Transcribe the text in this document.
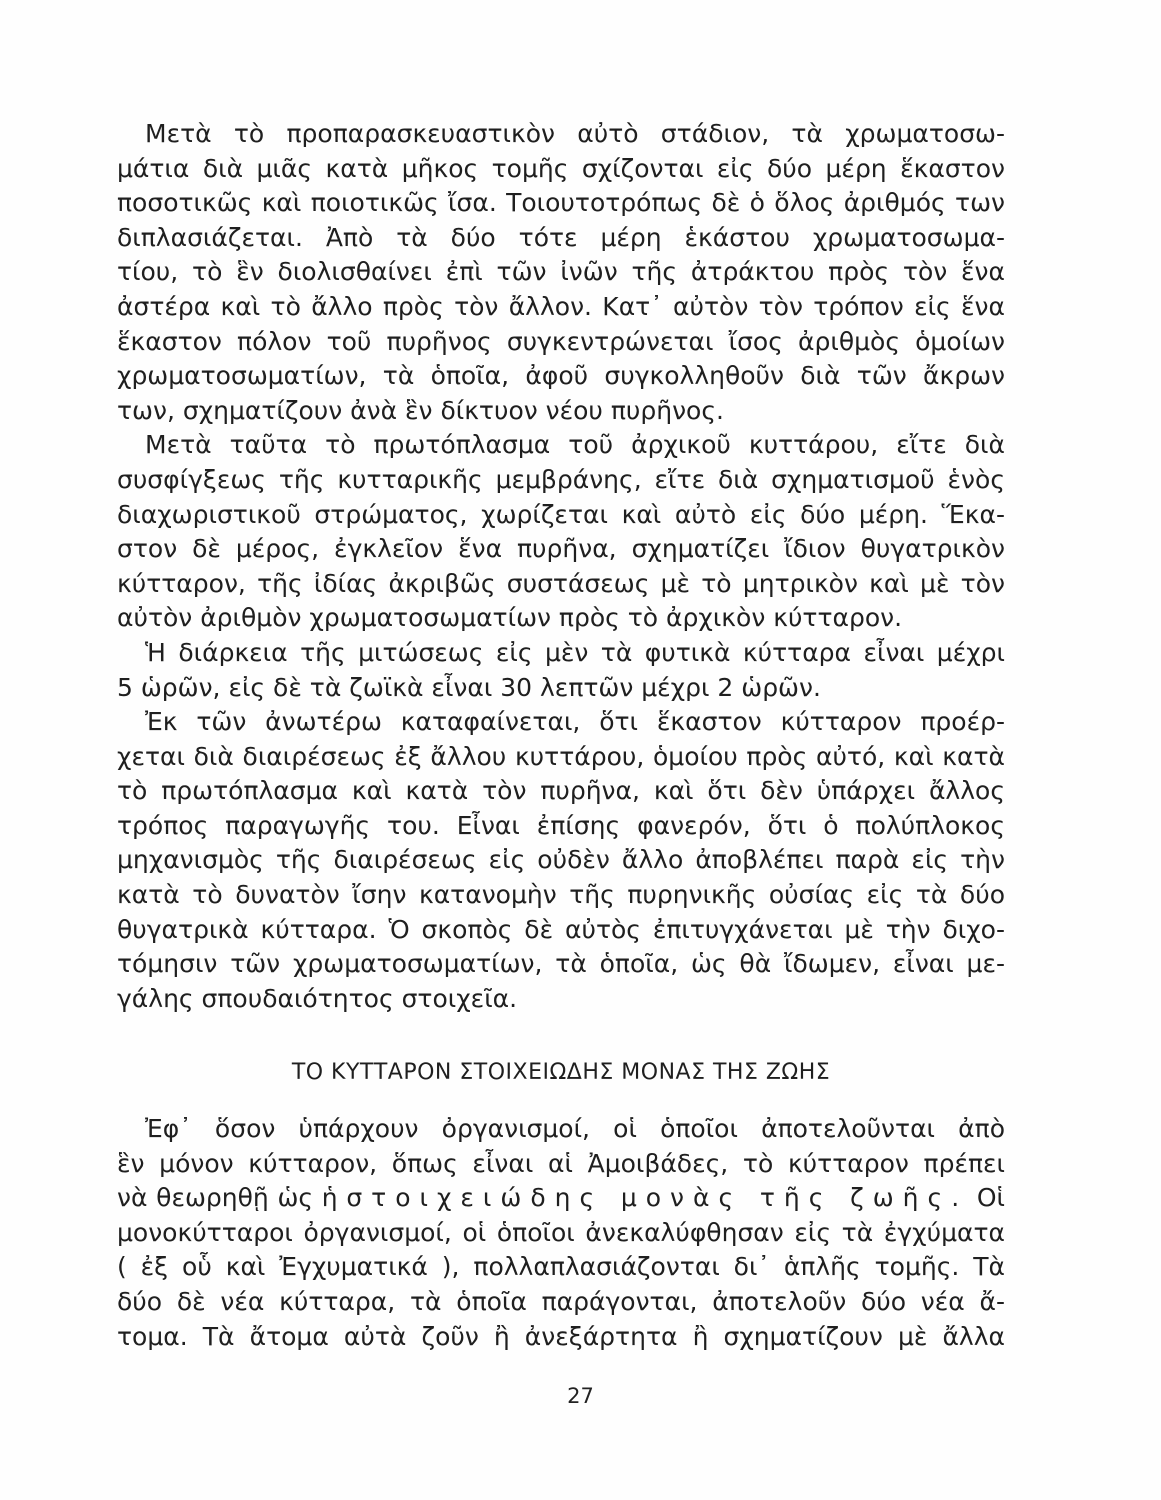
Μετὰ τὸ προπαρασκευαστικὸν αὐτὸ στάδιον, τὰ χρωματοσω-
μάτια διὰ μιᾶς κατὰ μῆκος τομῆς σχίζονται εἰς δύο μέρη ἕκαστον
ποσοτικῶς καὶ ποιοτικῶς ἴσα. Τοιουτοτρόπως δὲ ὁ ὅλος ἀριθμός των
διπλασιάζεται. Ἀπὸ τὰ δύο τότε μέρη ἑκάστου χρωματοσωμα-
τίου, τὸ ἓν διολισθαίνει ἐπὶ τῶν ἰνῶν τῆς ἀτράκτου πρὸς τὸν ἕνα
ἀστέρα καὶ τὸ ἄλλο πρὸς τὸν ἄλλον. Κατ᾽ αὐτὸν τὸν τρόπον εἰς ἕνα
ἕκαστον πόλον τοῦ πυρῆνος συγκεντρώνεται ἴσος ἀριθμὸς ὁμοίων
χρωματοσωματίων, τὰ ὁποῖα, ἀφοῦ συγκολληθοῦν διὰ τῶν ἄκρων
των, σχηματίζουν ἀνὰ ἓν δίκτυον νέου πυρῆνος.
Μετὰ ταῦτα τὸ πρωτόπλασμα τοῦ ἀρχικοῦ κυττάρου, εἴτε διὰ
συσφίγξεως τῆς κυτταρικῆς μεμβράνης, εἴτε διὰ σχηματισμοῦ ἑνὸς
διαχωριστικοῦ στρώματος, χωρίζεται καὶ αὐτὸ εἰς δύο μέρη. Ἕκα-
στον δὲ μέρος, ἐγκλεῖον ἕνα πυρῆνα, σχηματίζει ἴδιον θυγατρικὸν
κύτταρον, τῆς ἰδίας ἀκριβῶς συστάσεως μὲ τὸ μητρικὸν καὶ μὲ τὸν
αὐτὸν ἀριθμὸν χρωματοσωματίων πρὸς τὸ ἀρχικὸν κύτταρον.
Ἡ διάρκεια τῆς μιτώσεως εἰς μὲν τὰ φυτικὰ κύτταρα εἶναι μέχρι
5 ὡρῶν, εἰς δὲ τὰ ζωϊκὰ εἶναι 30 λεπτῶν μέχρι 2 ὡρῶν.
Ἐκ τῶν ἀνωτέρω καταφαίνεται, ὅτι ἕκαστον κύτταρον προέρ-
χεται διὰ διαιρέσεως ἐξ ἄλλου κυττάρου, ὁμοίου πρὸς αὐτό, καὶ κατὰ
τὸ πρωτόπλασμα καὶ κατὰ τὸν πυρῆνα, καὶ ὅτι δὲν ὑπάρχει ἄλλος
τρόπος παραγωγῆς του. Εἶναι ἐπίσης φανερόν, ὅτι ὁ πολύπλοκος
μηχανισμὸς τῆς διαιρέσεως εἰς οὐδὲν ἄλλο ἀποβλέπει παρὰ εἰς τὴν
κατὰ τὸ δυνατὸν ἴσην κατανομὴν τῆς πυρηνικῆς οὐσίας εἰς τὰ δύο
θυγατρικὰ κύτταρα. Ὁ σκοπὸς δὲ αὐτὸς ἐπιτυγχάνεται μὲ τὴν διχο-
τόμησιν τῶν χρωματοσωματίων, τὰ ὁποῖα, ὡς θὰ ἴδωμεν, εἶναι με-
γάλης σπουδαιότητος στοιχεῖα.
ΤΟ ΚΥΤΤΑΡΟΝ ΣΤΟΙΧΕΙΩΔΗΣ ΜΟΝΑΣ ΤΗΣ ΖΩΗΣ
Ἐφ᾽ ὅσον ὑπάρχουν ὀργανισμοί, οἱ ὁποῖοι ἀποτελοῦνται ἀπὸ
ἓν μόνον κύτταρον, ὅπως εἶναι αἱ Ἀμοιβάδες, τὸ κύτταρον πρέπει
νὰ θεωρηθῇ ὡς ἡ στοιχειώδης μονὰς τῆς ζωῆς. Οἱ
μονοκύτταροι ὀργανισμοί, οἱ ὁποῖοι ἀνεκαλύφθησαν εἰς τὰ ἐγχύματα
( ἐξ οὗ καὶ Ἐγχυματικά ), πολλαπλασιάζονται δι᾽ ἁπλῆς τομῆς. Τὰ
δύο δὲ νέα κύτταρα, τὰ ὁποῖα παράγονται, ἀποτελοῦν δύο νέα ἄ-
τομα. Τὰ ἄτομα αὐτὰ ζοῦν ἢ ἀνεξάρτητα ἢ σχηματίζουν μὲ ἄλλα
27
